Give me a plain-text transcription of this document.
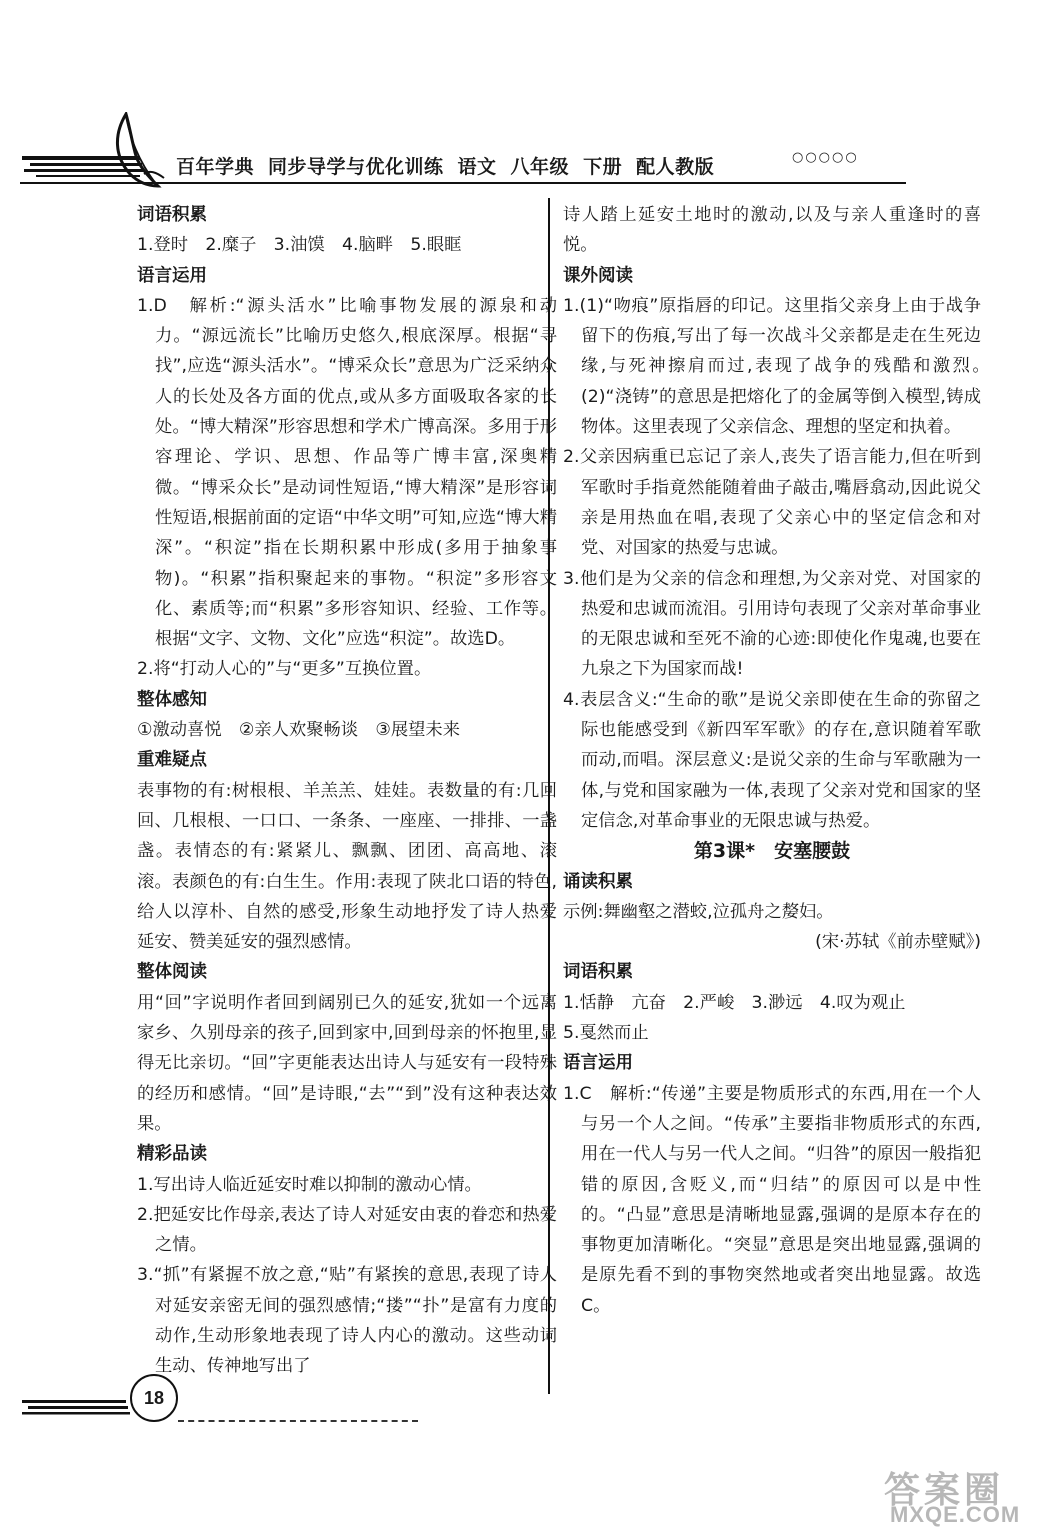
百年学典 同步导学与优化训练 语文 八年级 下册 配人教版	○○○○○

词语积累

1.登时　2.糜子　3.油馍　4.脑畔　5.眼眶

语言运用

1.D　解析:“源头活水”比喻事物发展的源泉和动力。“源远流长”比喻历史悠久,根底深厚。根据“寻找”,应选“源头活水”。“博采众长”意思为广泛采纳众人的长处及各方面的优点,或从多方面吸取各家的长处。“博大精深”形容思想和学术广博高深。多用于形容理论、学识、思想、作品等广博丰富,深奥精微。“博采众长”是动词性短语,“博大精深”是形容词性短语,根据前面的定语“中华文明”可知,应选“博大精深”。“积淀”指在长期积累中形成(多用于抽象事物)。“积累”指积聚起来的事物。“积淀”多形容文化、素质等;而“积累”多形容知识、经验、工作等。根据“文字、文物、文化”应选“积淀”。故选D。

2.将“打动人心的”与“更多”互换位置。

整体感知

①激动喜悦　②亲人欢聚畅谈　③展望未来

重难疑点

表事物的有:树根根、羊羔羔、娃娃。表数量的有:几回回、几根根、一口口、一条条、一座座、一排排、一盏盏。表情态的有:紧紧儿、飘飘、团团、高高地、滚滚。表颜色的有:白生生。作用:表现了陕北口语的特色,给人以淳朴、自然的感受,形象生动地抒发了诗人热爱延安、赞美延安的强烈感情。

整体阅读

用“回”字说明作者回到阔别已久的延安,犹如一个远离家乡、久别母亲的孩子,回到家中,回到母亲的怀抱里,显得无比亲切。“回”字更能表达出诗人与延安有一段特殊的经历和感情。“回”是诗眼,“去”“到”没有这种表达效果。

精彩品读

1.写出诗人临近延安时难以抑制的激动心情。

2.把延安比作母亲,表达了诗人对延安由衷的眷恋和热爱之情。

3.“抓”有紧握不放之意,“贴”有紧挨的意思,表现了诗人对延安亲密无间的强烈感情;“搂”“扑”是富有力度的动作,生动形象地表现了诗人内心的激动。这些动词生动、传神地写出了

诗人踏上延安土地时的激动,以及与亲人重逢时的喜悦。

课外阅读

1.(1)“吻痕”原指唇的印记。这里指父亲身上由于战争留下的伤痕,写出了每一次战斗父亲都是走在生死边缘,与死神擦肩而过,表现了战争的残酷和激烈。　(2)“浇铸”的意思是把熔化了的金属等倒入模型,铸成物体。这里表现了父亲信念、理想的坚定和执着。

2.父亲因病重已忘记了亲人,丧失了语言能力,但在听到军歌时手指竟然能随着曲子敲击,嘴唇翕动,因此说父亲是用热血在唱,表现了父亲心中的坚定信念和对党、对国家的热爱与忠诚。

3.他们是为父亲的信念和理想,为父亲对党、对国家的热爱和忠诚而流泪。引用诗句表现了父亲对革命事业的无限忠诚和至死不渝的心迹:即使化作鬼魂,也要在九泉之下为国家而战!

4.表层含义:“生命的歌”是说父亲即使在生命的弥留之际也能感受到《新四军军歌》的存在,意识随着军歌而动,而唱。深层意义:是说父亲的生命与军歌融为一体,与党和国家融为一体,表现了父亲对党和国家的坚定信念,对革命事业的无限忠诚与热爱。

第3课*　安塞腰鼓

诵读积累

示例:舞幽壑之潜蛟,泣孤舟之嫠妇。

(宋·苏轼《前赤壁赋》)

词语积累

1.恬静　亢奋　2.严峻　3.渺远　4.叹为观止

5.戛然而止

语言运用

1.C　解析:“传递”主要是物质形式的东西,用在一个人与另一个人之间。“传承”主要指非物质形式的东西,用在一代人与另一代人之间。“归咎”的原因一般指犯错的原因,含贬义,而“归结”的原因可以是中性的。“凸显”意思是清晰地显露,强调的是原本存在的事物更加清晰化。“突显”意思是突出地显露,强调的是原先看不到的事物突然地或者突出地显露。故选C。

18
答案圈
MXQE.COM
